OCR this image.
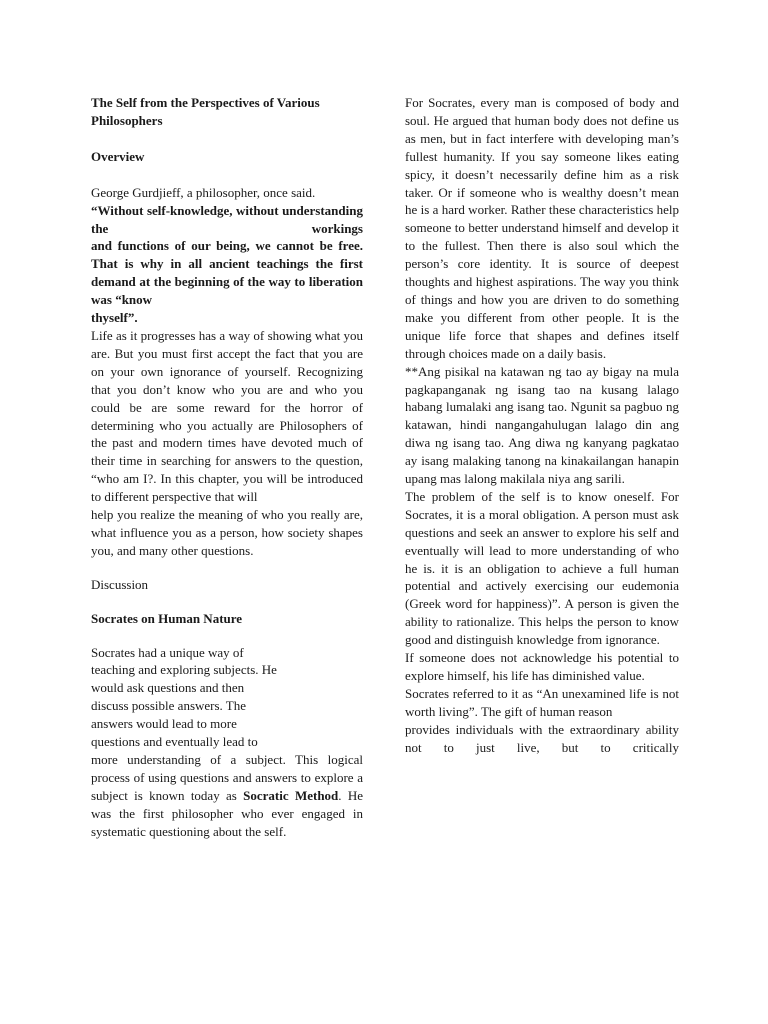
The Self from the Perspectives of Various Philosophers

Overview

George Gurdjieff, a philosopher, once said.

“Without self-knowledge, without understanding the workings

and functions of our being, we cannot be free. That is why in all ancient teachings the first demand at the beginning of the way to liberation was “know

thyself”.

Life as it progresses has a way of showing what you are. But you must first accept the fact that you are on your own ignorance of yourself. Recognizing that you don’t know who you are and who you could be are some reward for the horror of determining who you actually are Philosophers of the past and modern times have devoted much of their time in searching for answers to the question, “who am I?. In this chapter, you will be introduced to different perspective that will

help you realize the meaning of who you really are, what influence you as a person, how society shapes you, and many other questions.

Discussion

Socrates on Human Nature

Socrates had a unique way of

teaching and exploring subjects. He

would ask questions and then

discuss possible answers. The

answers would lead to more

questions and eventually lead to

more understanding of a subject. This logical process of using questions and answers to explore a subject is known today as Socratic Method. He was the first philosopher who ever engaged in systematic questioning about the self.

For Socrates, every man is composed of body and soul. He argued that human body does not define us as men, but in fact interfere with developing man’s fullest humanity. If you say someone likes eating spicy, it doesn’t necessarily define him as a risk taker. Or if someone who is wealthy doesn’t mean he is a hard worker. Rather these characteristics help someone to better understand himself and develop it to the fullest. Then there is also soul which the person’s core identity. It is source of deepest thoughts and highest aspirations. The way you think of things and how you are driven to do something make you different from other people. It is the unique life force that shapes and defines itself through choices made on a daily basis.

**Ang pisikal na katawan ng tao ay bigay na mula pagkapanganak ng isang tao na kusang lalago habang lumalaki ang isang tao. Ngunit sa pagbuo ng katawan, hindi nangangahulugan lalago din ang diwa ng isang tao. Ang diwa ng kanyang pagkatao ay isang malaking tanong na kinakailangan hanapin upang mas lalong makilala niya ang sarili.

The problem of the self is to know oneself. For Socrates, it is a moral obligation. A person must ask questions and seek an answer to explore his self and eventually will lead to more understanding of who he is. it is an obligation to achieve a full human potential and actively exercising our eudemonia (Greek word for happiness)”. A person is given the ability to rationalize. This helps the person to know good and distinguish knowledge from ignorance.

If someone does not acknowledge his potential to explore himself, his life has diminished value.

Socrates referred to it as “An unexamined life is not worth living”. The gift of human reason

provides individuals with the extraordinary ability not to just live, but to critically
